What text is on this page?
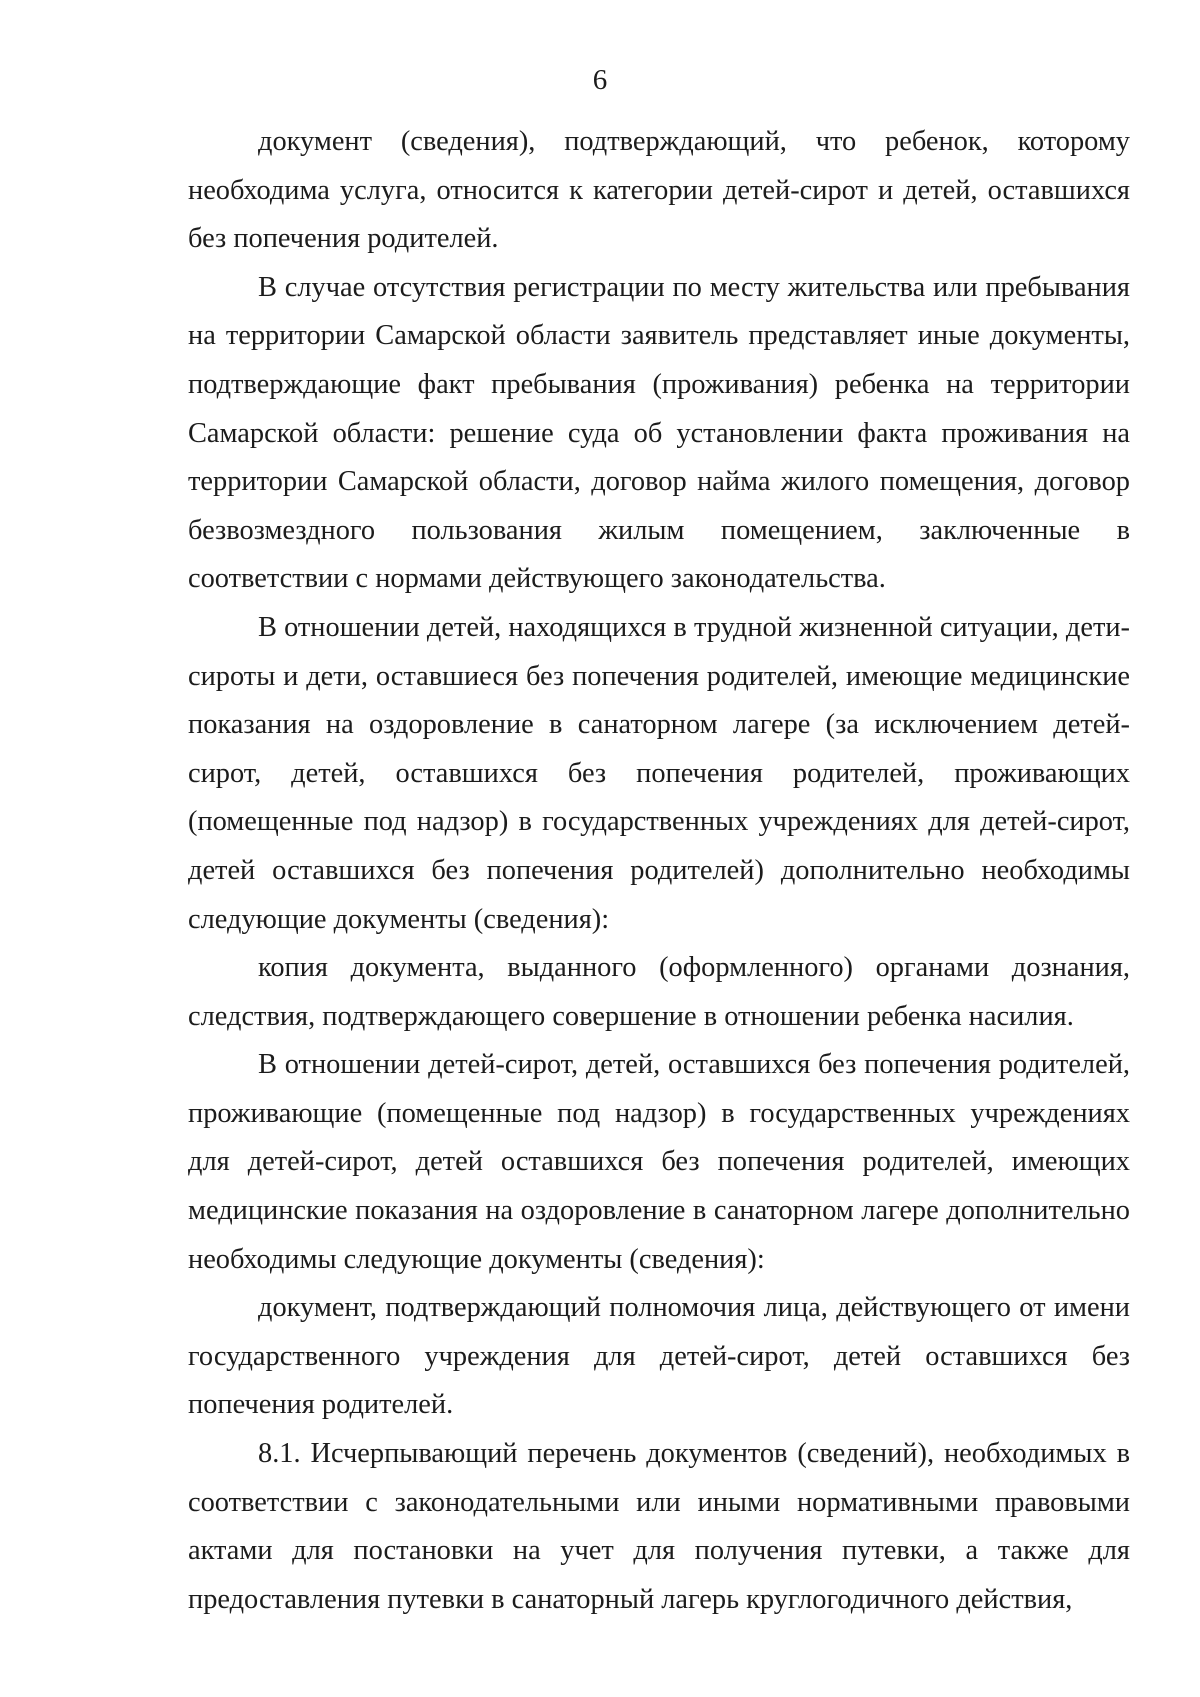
6

документ (сведения), подтверждающий, что ребенок, которому необходима услуга, относится к категории детей-сирот и детей, оставшихся без попечения родителей.

В случае отсутствия регистрации по месту жительства или пребывания на территории Самарской области заявитель представляет иные документы, подтверждающие факт пребывания (проживания) ребенка на территории Самарской области: решение суда об установлении факта проживания на территории Самарской области, договор найма жилого помещения, договор безвозмездного пользования жилым помещением, заключенные в соответствии с нормами действующего законодательства.

В отношении детей, находящихся в трудной жизненной ситуации, дети-сироты и дети, оставшиеся без попечения родителей, имеющие медицинские показания на оздоровление в санаторном лагере (за исключением детей-сирот, детей, оставшихся без попечения родителей, проживающих (помещенные под надзор) в государственных учреждениях для детей-сирот, детей оставшихся без попечения родителей) дополнительно необходимы следующие документы (сведения):

копия документа, выданного (оформленного) органами дознания, следствия, подтверждающего совершение в отношении ребенка насилия.

В отношении детей-сирот, детей, оставшихся без попечения родителей, проживающие (помещенные под надзор) в государственных учреждениях для детей-сирот, детей оставшихся без попечения родителей, имеющих медицинские показания на оздоровление в санаторном лагере дополнительно необходимы следующие документы (сведения):

документ, подтверждающий полномочия лица, действующего от имени государственного учреждения для детей-сирот, детей оставшихся без попечения родителей.

8.1. Исчерпывающий перечень документов (сведений), необходимых в соответствии с законодательными или иными нормативными правовыми актами для постановки на учет для получения путевки, а также для предоставления путевки в санаторный лагерь круглогодичного действия,
